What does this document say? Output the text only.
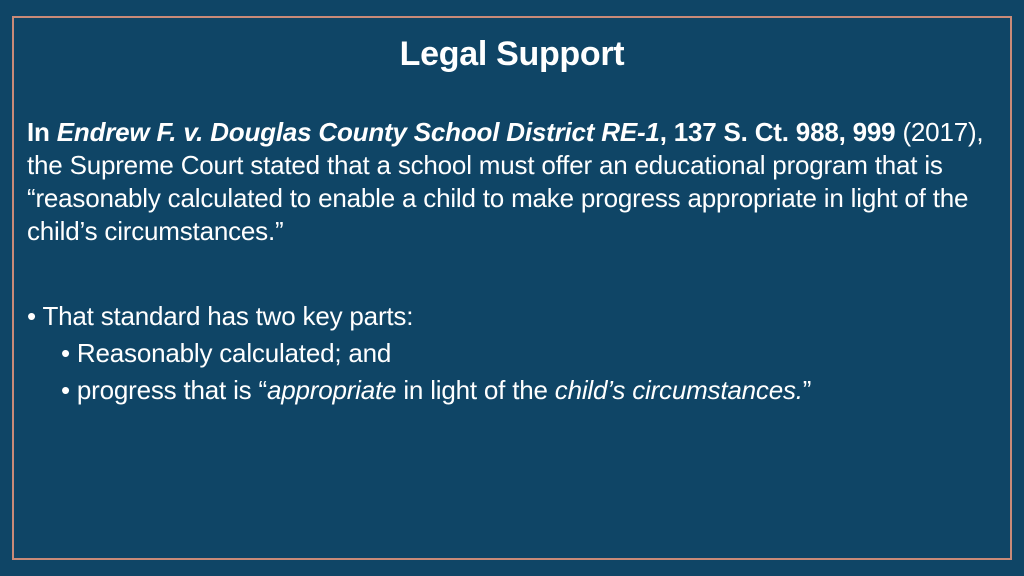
Legal Support
In Endrew F. v. Douglas County School District RE-1, 137 S. Ct. 988, 999 (2017), the Supreme Court stated that a school must offer an educational program that is “reasonably calculated to enable a child to make progress appropriate in light of the child’s circumstances.”
• That standard has two key parts:
• Reasonably calculated; and
• progress that is “appropriate in light of the child’s circumstances.”
